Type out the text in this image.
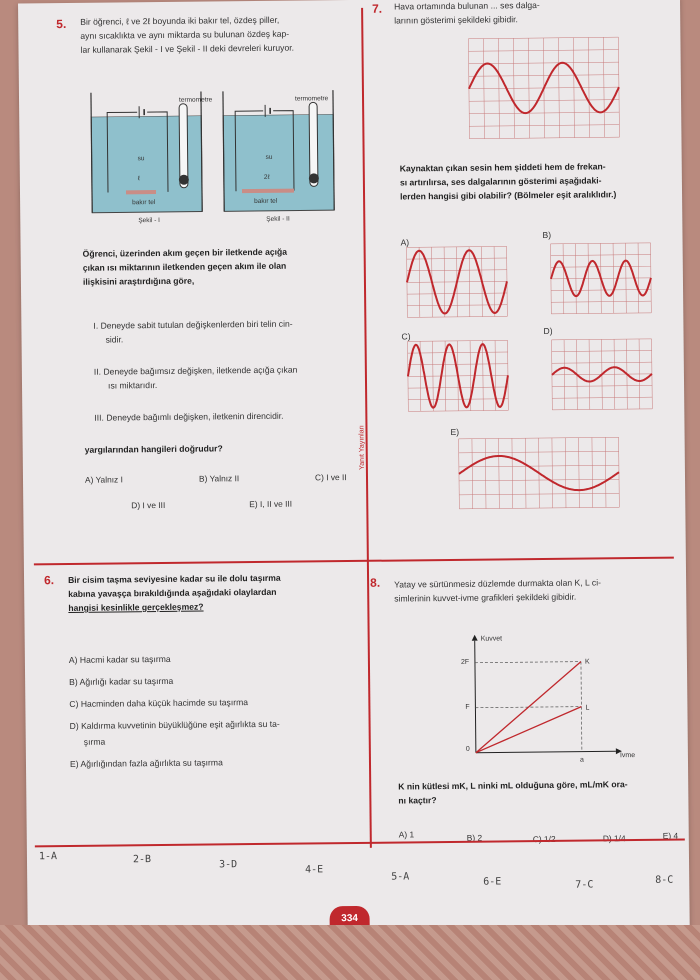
5. Bir öğrenci, ℓ ve 2ℓ boyunda iki bakır tel, özdeş piller,
aynı sıcaklıkta ve aynı miktarda su bulunan özdeş kap-
lar kullanarak Şekil - I ve Şekil - II deki devreleri kuruyor.
termometre
su
ℓ
bakır tel
Şekil - I
termometre
su
2ℓ
bakır tel
Şekil - II
Öğrenci, üzerinden akım geçen bir iletkende açığa
çıkan ısı miktarının iletkenden geçen akım ile olan
ilişkisini araştırdığına göre,
I. Deneyde sabit tutulan değişkenlerden biri telin cin-
sidir.
II. Deneyde bağımsız değişken, iletkende açığa çıkan
ısı miktarıdır.
III. Deneyde bağımlı değişken, iletkenin direncidir.
yargılarından hangileri doğrudur?
A) Yalnız I	B) Yalnız II	C) I ve II
D) I ve III	E) I, II ve III
Yanıt Yayınları
6. Bir cisim taşma seviyesine kadar su ile dolu taşırma
kabına yavaşça bırakıldığında aşağıdaki olaylardan
hangisi kesinlikle gerçekleşmez?
A) Hacmi kadar su taşırma
B) Ağırlığı kadar su taşırma
C) Hacminden daha küçük hacimde su taşırma
D) Kaldırma kuvvetinin büyüklüğüne eşit ağırlıkta su ta-
şırma
E) Ağırlığından fazla ağırlıkta su taşırma
7. Hava ortamında bulunan ... ses dalga-
larının gösterimi şekildeki gibidir.
Kaynaktan çıkan sesin hem şiddeti hem de frekan-
sı artırılırsa, ses dalgalarının gösterimi aşağıdaki-
lerden hangisi gibi olabilir? (Bölmeler eşit aralıklıdır.)
A)
B)
C)
D)
E)
8. Yatay ve sürtünmesiz düzlemde durmakta olan K, L ci-
simlerinin kuvvet-ivme grafikleri şekildeki gibidir.
Kuvvet
İvme
2F
F
0
a
K
L
K nin kütlesi mK, L ninki mL olduğuna göre, mL/mK ora-
nı kaçtır?
A) 1	B) 2	C) 1/2	D) 1/4	E) 4
1-A	2-B	3-D	4-E
5-A	6-E	7-C	8-C
334
